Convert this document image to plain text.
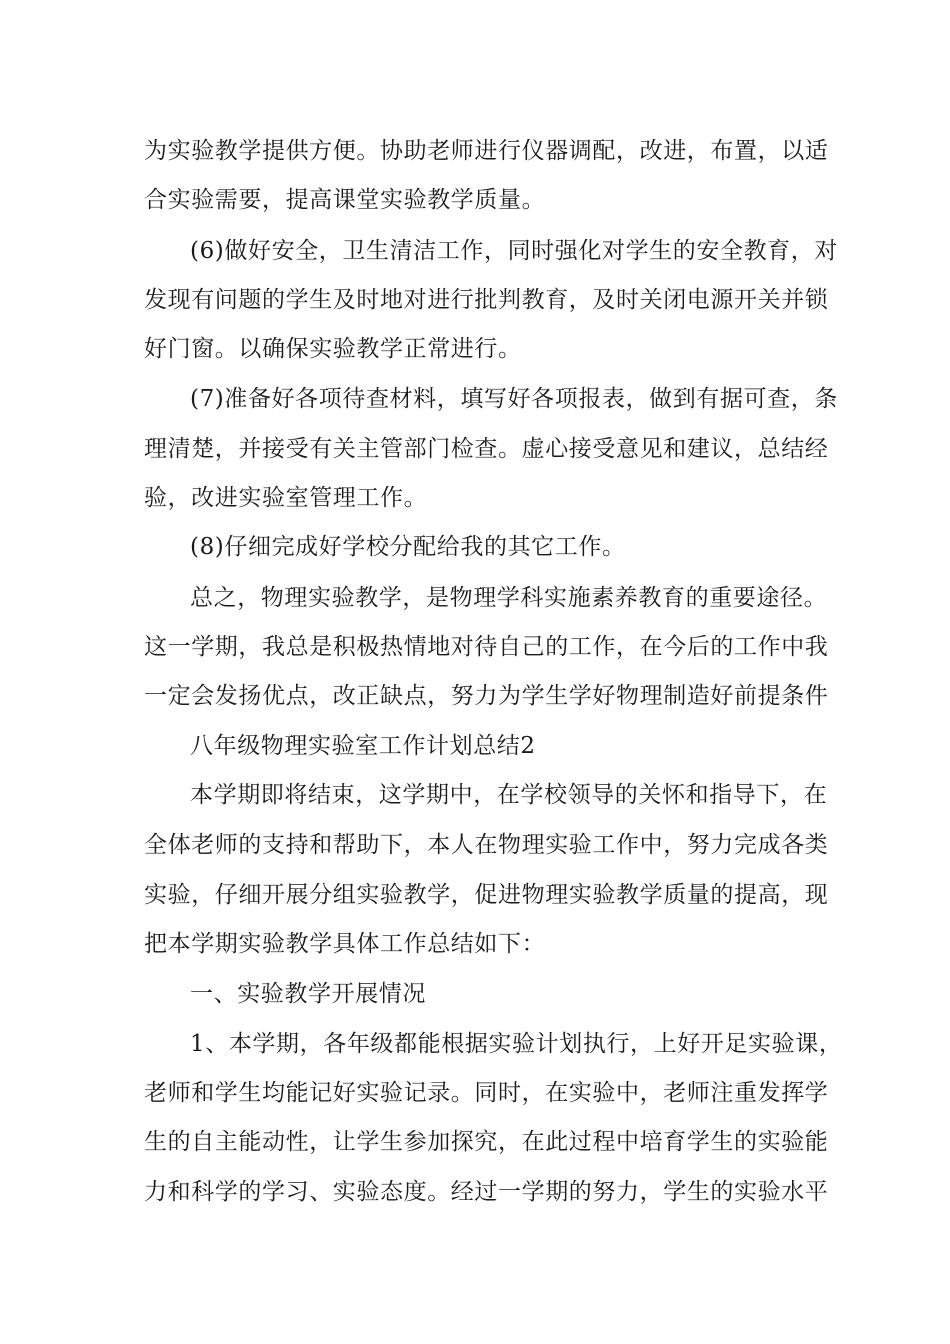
为实验教学提供方便。协助老师进行仪器调配，改进，布置，以适
合实验需要，提高课堂实验教学质量。
(6)做好安全，卫生清洁工作，同时强化对学生的安全教育，对
发现有问题的学生及时地对进行批判教育，及时关闭电源开关并锁
好门窗。以确保实验教学正常进行。
(7)准备好各项待查材料，填写好各项报表，做到有据可查，条
理清楚，并接受有关主管部门检查。虚心接受意见和建议，总结经
验，改进实验室管理工作。
(8)仔细完成好学校分配给我的其它工作。
总之，物理实验教学，是物理学科实施素养教育的重要途径。
这一学期，我总是积极热情地对待自己的工作，在今后的工作中我
一定会发扬优点，改正缺点，努力为学生学好物理制造好前提条件
八年级物理实验室工作计划总结2
本学期即将结束，这学期中，在学校领导的关怀和指导下，在
全体老师的支持和帮助下，本人在物理实验工作中，努力完成各类
实验，仔细开展分组实验教学，促进物理实验教学质量的提高，现
把本学期实验教学具体工作总结如下：
一、实验教学开展情况
1、本学期，各年级都能根据实验计划执行，上好开足实验课，
老师和学生均能记好实验记录。同时，在实验中，老师注重发挥学
生的自主能动性，让学生参加探究，在此过程中培育学生的实验能
力和科学的学习、实验态度。经过一学期的努力，学生的实验水平
